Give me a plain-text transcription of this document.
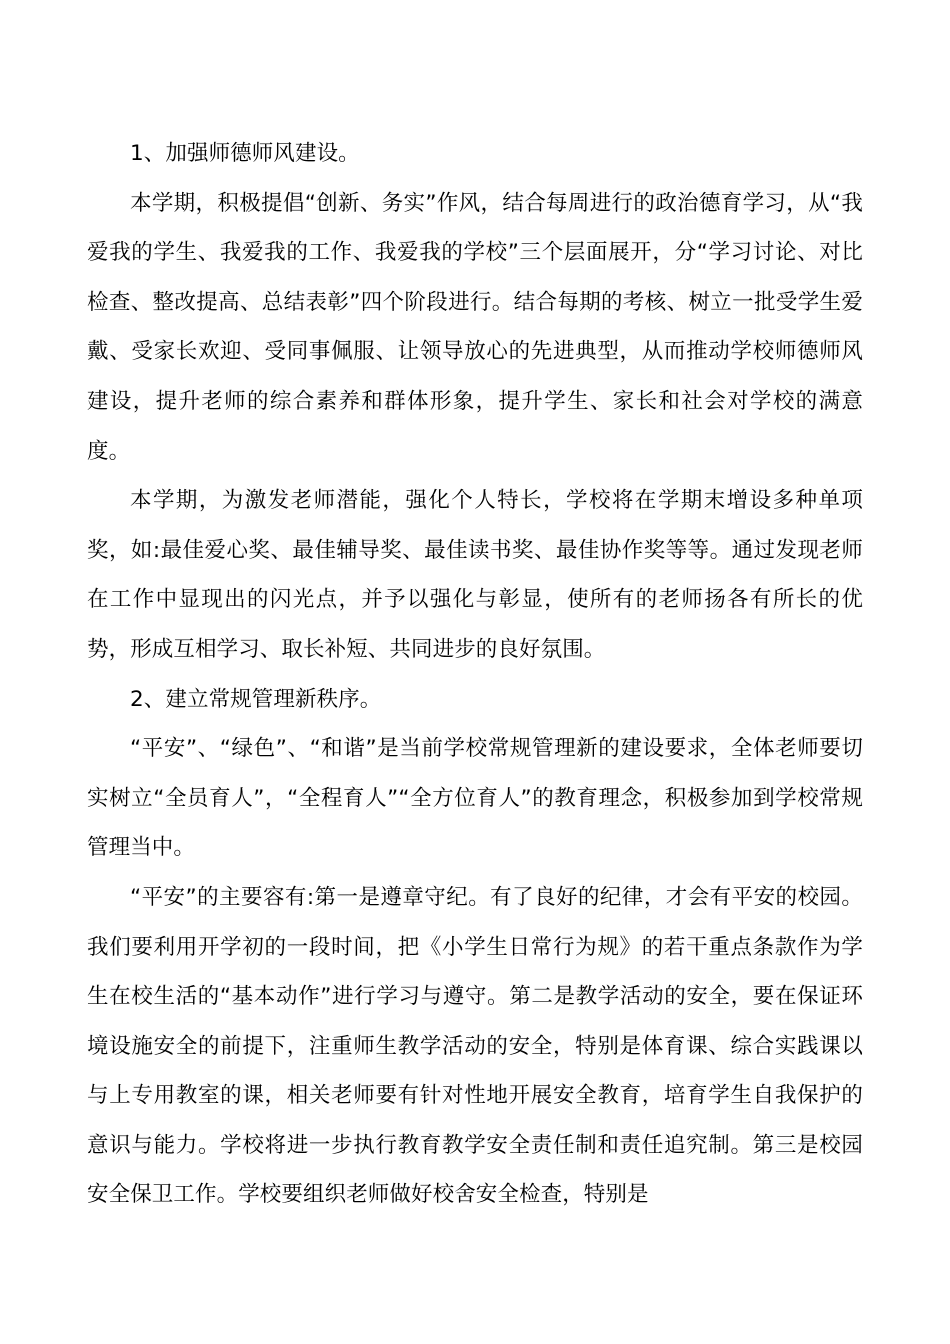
1、加强师德师风建设。

本学期，积极提倡“创新、务实”作风，结合每周进行的政治德育学习，从“我爱我的学生、我爱我的工作、我爱我的学校”三个层面展开，分“学习讨论、对比检查、整改提高、总结表彰”四个阶段进行。结合每期的考核、树立一批受学生爱戴、受家长欢迎、受同事佩服、让领导放心的先进典型，从而推动学校师德师风建设，提升老师的综合素养和群体形象，提升学生、家长和社会对学校的满意度。

本学期，为激发老师潜能，强化个人特长，学校将在学期末增设多种单项奖，如:最佳爱心奖、最佳辅导奖、最佳读书奖、最佳协作奖等等。通过发现老师在工作中显现出的闪光点，并予以强化与彰显，使所有的老师扬各有所长的优势，形成互相学习、取长补短、共同进步的良好氛围。

2、建立常规管理新秩序。

“平安”、“绿色”、“和谐”是当前学校常规管理新的建设要求，全体老师要切实树立“全员育人”，“全程育人”“全方位育人”的教育理念，积极参加到学校常规管理当中。

“平安”的主要容有:第一是遵章守纪。有了良好的纪律，才会有平安的校园。我们要利用开学初的一段时间，把《小学生日常行为规》的若干重点条款作为学生在校生活的“基本动作”进行学习与遵守。第二是教学活动的安全，要在保证环境设施安全的前提下，注重师生教学活动的安全，特别是体育课、综合实践课以与上专用教室的课，相关老师要有针对性地开展安全教育，培育学生自我保护的意识与能力。学校将进一步执行教育教学安全责任制和责任追究制。第三是校园安全保卫工作。学校要组织老师做好校舍安全检查，特别是
